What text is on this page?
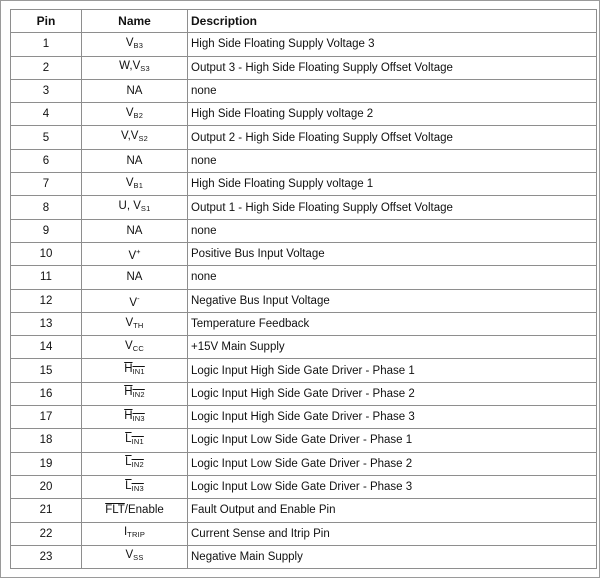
Pin	Name	Description
1	$V_{B3}$	High Side Floating Supply Voltage 3
2	$W,V_{S3}$	Output 3 - High Side Floating Supply Offset Voltage
3	NA	none
4	$V_{B2}$	High Side Floating Supply voltage 2
5	$V,V_{S2}$	Output 2 - High Side Floating Supply Offset Voltage
6	NA	none
7	$V_{B1}$	High Side Floating Supply voltage 1
8	U, $V_{S1}$	Output 1 - High Side Floating Supply Offset Voltage
9	NA	none
10	V+	Positive Bus Input Voltage
11	NA	none
12	V-	Negative Bus Input Voltage
13	$V_{TH}$	Temperature Feedback
14	$V_{CC}$	+15V Main Supply
15	$H_{IN1}$	Logic Input High Side Gate Driver - Phase 1
16	$H_{IN2}$	Logic Input High Side Gate Driver - Phase 2
17	$H_{IN3}$	Logic Input High Side Gate Driver - Phase 3
18	$L_{IN1}$	Logic Input Low Side Gate Driver - Phase 1
19	$L_{IN2}$	Logic Input Low Side Gate Driver - Phase 2
20	$L_{IN3}$	Logic Input Low Side Gate Driver - Phase 3
21	$\overline{FLT}$/Enable	Fault Output and Enable Pin
22	$I_{TRIP}$	Current Sense and Itrip Pin
23	$V_{SS}$	Negative Main Supply
